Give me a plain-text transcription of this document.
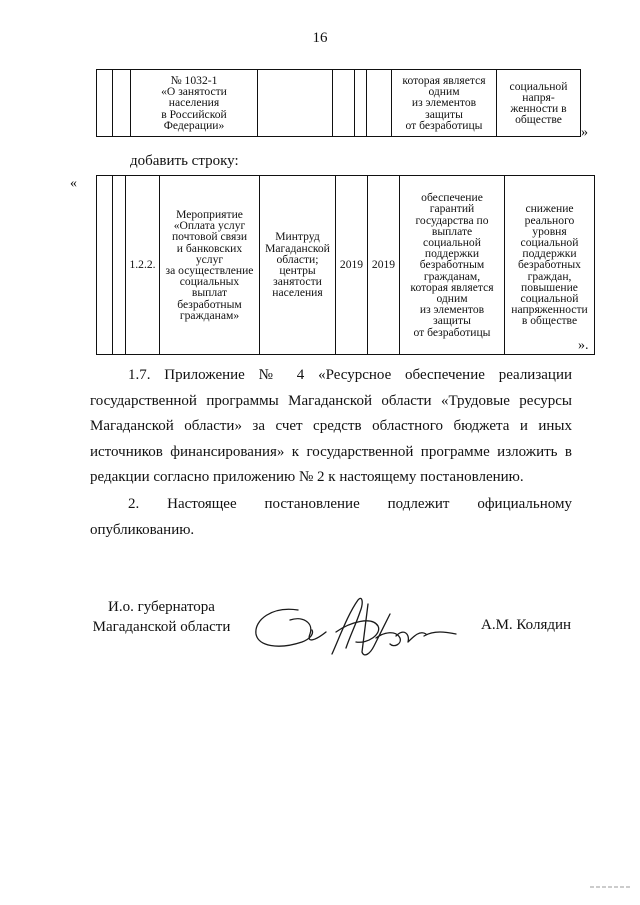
16
		№ 1032-1
«О занятости
населения
в Российской
Федерации»					которая является
одним
из элементов
защиты
от безработицы	социальной
напря-
женности в
обществе
»
добавить строку:
«
		1.2.2.	Мероприятие
«Оплата услуг
почтовой связи
и банковских
услуг
за осуществление
социальных
выплат
безработным
гражданам»	Минтруд
Магаданской
области;
центры
занятости
населения	2019	2019	обеспечение
гарантий
государства по
выплате
социальной
поддержки
безработным
гражданам,
которая является
одним
из элементов
защиты
от безработицы	снижение
реального
уровня
социальной
поддержки
безработных
граждан,
повышение
социальной
напряженности
в обществе
».
1.7. Приложение № 4 «Ресурсное обеспечение реализации государственной программы Магаданской области «Трудовые ресурсы Магаданской области» за счет средств областного бюджета и иных источников финансирования» к государственной программе изложить в редакции согласно приложению № 2 к настоящему постановлению.
2. Настоящее постановление подлежит официальному опубликованию.
И.о. губернатора
Магаданской области	А.М. Колядин
